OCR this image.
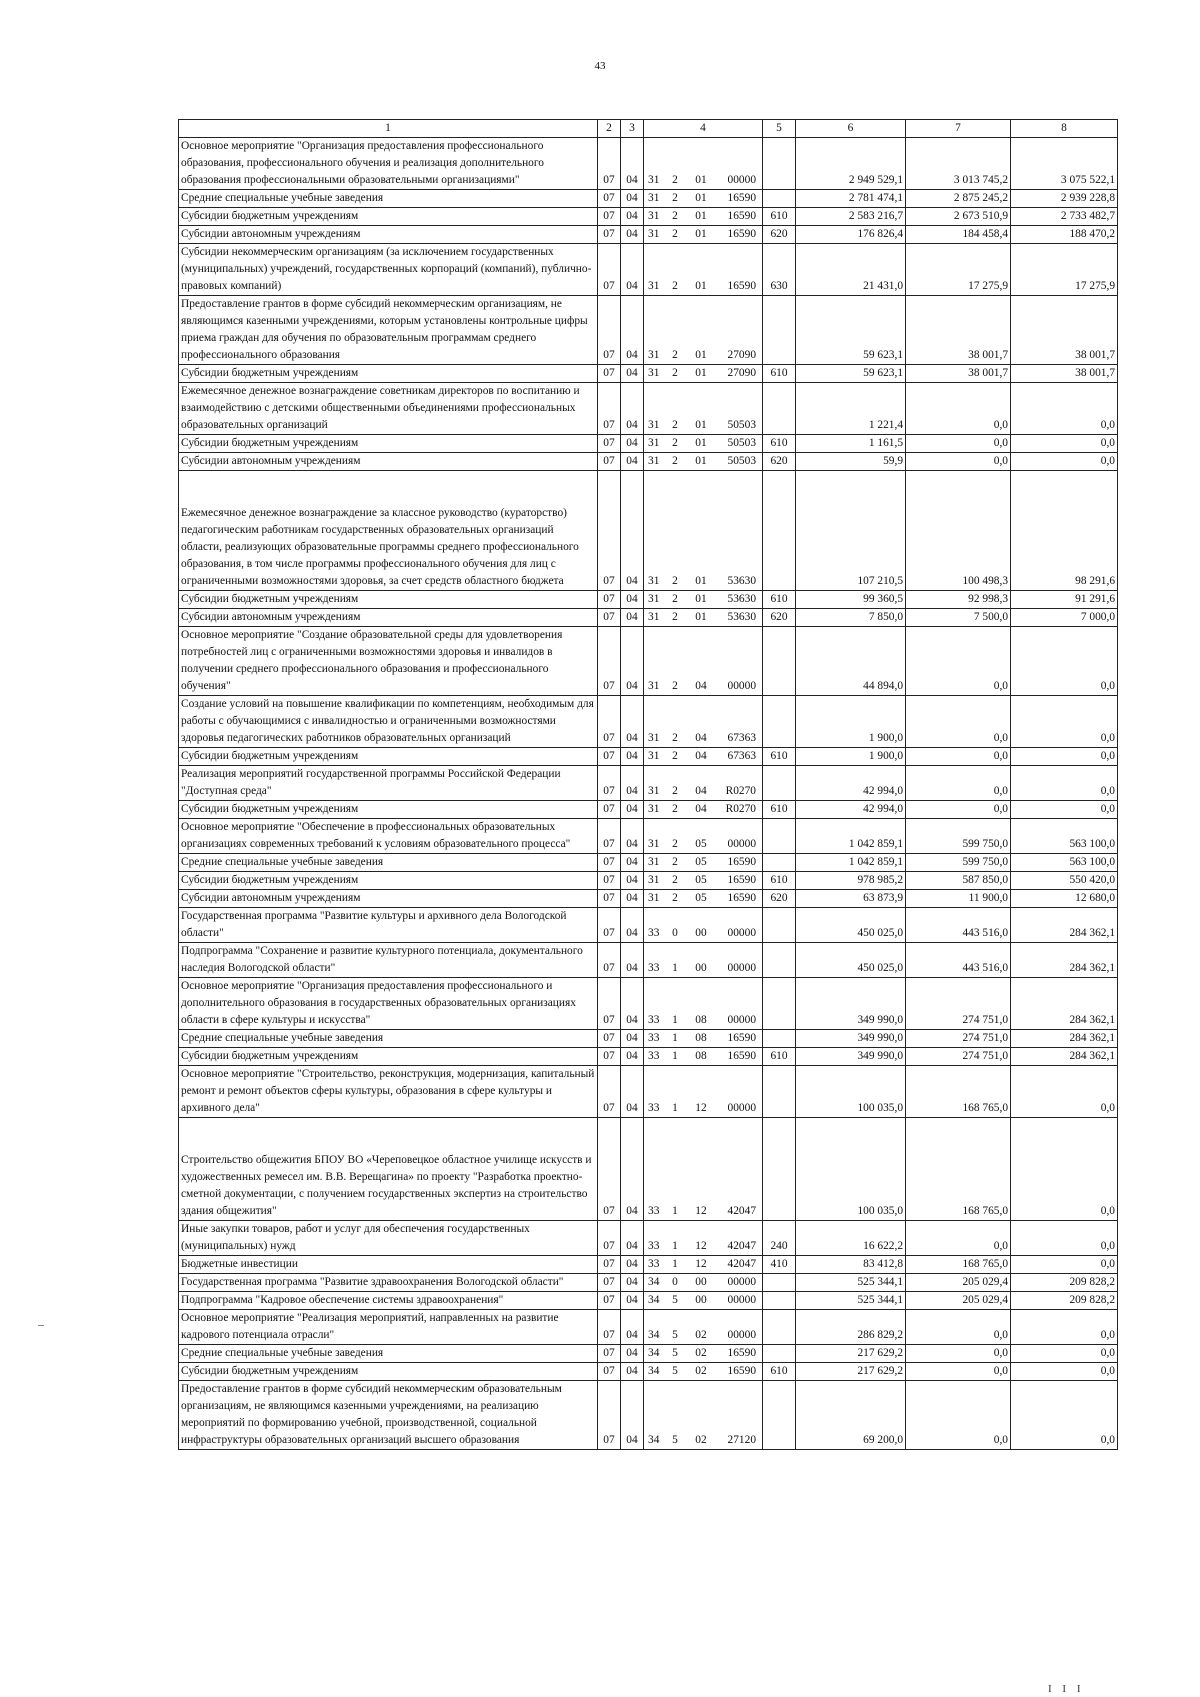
43
1	2	3	4				5	6	7	8
Основное мероприятие "Организация предоставления профессионального образования, профессионального обучения и реализация дополнительного образования профессиональными образовательными организациями"	07	04	31	2	01	00000		2 949 529,1	3 013 745,2	3 075 522,1
Средние специальные учебные заведения	07	04	31	2	01	16590		2 781 474,1	2 875 245,2	2 939 228,8
Субсидии бюджетным учреждениям	07	04	31	2	01	16590	610	2 583 216,7	2 673 510,9	2 733 482,7
Субсидии автономным учреждениям	07	04	31	2	01	16590	620	176 826,4	184 458,4	188 470,2
Субсидии некоммерческим организациям (за исключением государственных (муниципальных) учреждений, государственных корпораций (компаний), публично-правовых компаний)	07	04	31	2	01	16590	630	21 431,0	17 275,9	17 275,9
Предоставление грантов в форме субсидий некоммерческим организациям, не являющимся казенными учреждениями, которым установлены контрольные цифры приема граждан для обучения по образовательным программам среднего профессионального образования	07	04	31	2	01	27090		59 623,1	38 001,7	38 001,7
Субсидии бюджетным учреждениям	07	04	31	2	01	27090	610	59 623,1	38 001,7	38 001,7
Ежемесячное денежное вознаграждение советникам директоров по воспитанию и взаимодействию с детскими общественными объединениями профессиональных образовательных организаций	07	04	31	2	01	50503		1 221,4	0,0	0,0
Субсидии бюджетным учреждениям	07	04	31	2	01	50503	610	1 161,5	0,0	0,0
Субсидии автономным учреждениям	07	04	31	2	01	50503	620	59,9	0,0	0,0

Ежемесячное денежное вознаграждение за классное руководство (кураторство) педагогическим работникам государственных образовательных организаций области, реализующих образовательные программы среднего профессионального образования, в том числе программы профессионального обучения для лиц с ограниченными возможностями здоровья, за счет средств областного бюджета	07	04	31	2	01	53630		107 210,5	100 498,3	98 291,6
Субсидии бюджетным учреждениям	07	04	31	2	01	53630	610	99 360,5	92 998,3	91 291,6
Субсидии автономным учреждениям	07	04	31	2	01	53630	620	7 850,0	7 500,0	7 000,0
Основное мероприятие "Создание образовательной среды для удовлетворения потребностей лиц с ограниченными возможностями здоровья и инвалидов в получении среднего профессионального образования и профессионального обучения"	07	04	31	2	04	00000		44 894,0	0,0	0,0
Создание условий на повышение квалификации по компетенциям, необходимым для работы с обучающимися с инвалидностью и ограниченными возможностями здоровья педагогических работников образовательных организаций	07	04	31	2	04	67363		1 900,0	0,0	0,0
Субсидии бюджетным учреждениям	07	04	31	2	04	67363	610	1 900,0	0,0	0,0
Реализация мероприятий государственной программы Российской Федерации "Доступная среда"	07	04	31	2	04	R0270		42 994,0	0,0	0,0
Субсидии бюджетным учреждениям	07	04	31	2	04	R0270	610	42 994,0	0,0	0,0
Основное мероприятие "Обеспечение в профессиональных образовательных организациях современных требований к условиям образовательного процесса"	07	04	31	2	05	00000		1 042 859,1	599 750,0	563 100,0
Средние специальные учебные заведения	07	04	31	2	05	16590		1 042 859,1	599 750,0	563 100,0
Субсидии бюджетным учреждениям	07	04	31	2	05	16590	610	978 985,2	587 850,0	550 420,0
Субсидии автономным учреждениям	07	04	31	2	05	16590	620	63 873,9	11 900,0	12 680,0
Государственная программа "Развитие культуры и архивного дела Вологодской области"	07	04	33	0	00	00000		450 025,0	443 516,0	284 362,1
Подпрограмма "Сохранение и развитие культурного потенциала, документального наследия Вологодской области"	07	04	33	1	00	00000		450 025,0	443 516,0	284 362,1
Основное мероприятие "Организация предоставления профессионального и дополнительного образования в государственных образовательных организациях области в сфере культуры и искусства"	07	04	33	1	08	00000		349 990,0	274 751,0	284 362,1
Средние специальные учебные заведения	07	04	33	1	08	16590		349 990,0	274 751,0	284 362,1
Субсидии бюджетным учреждениям	07	04	33	1	08	16590	610	349 990,0	274 751,0	284 362,1
Основное мероприятие "Строительство, реконструкция, модернизация, капитальный ремонт и ремонт объектов сферы культуры, образования в сфере культуры и архивного дела"	07	04	33	1	12	00000		100 035,0	168 765,0	0,0

Строительство общежития БПОУ ВО «Череповецкое областное училище искусств и художественных ремесел им. В.В. Верещагина» по проекту "Разработка проектно-сметной документации, с получением государственных экспертиз на строительство здания общежития"	07	04	33	1	12	42047		100 035,0	168 765,0	0,0
Иные закупки товаров, работ и услуг для обеспечения государственных (муниципальных) нужд	07	04	33	1	12	42047	240	16 622,2	0,0	0,0
Бюджетные инвестиции	07	04	33	1	12	42047	410	83 412,8	168 765,0	0,0
Государственная программа "Развитие здравоохранения Вологодской области"	07	04	34	0	00	00000		525 344,1	205 029,4	209 828,2
Подпрограмма "Кадровое обеспечение системы здравоохранения"	07	04	34	5	00	00000		525 344,1	205 029,4	209 828,2
Основное мероприятие "Реализация мероприятий, направленных на развитие кадрового потенциала отрасли"	07	04	34	5	02	00000		286 829,2	0,0	0,0
Средние специальные учебные заведения	07	04	34	5	02	16590		217 629,2	0,0	0,0
Субсидии бюджетным учреждениям	07	04	34	5	02	16590	610	217 629,2	0,0	0,0
Предоставление грантов в форме субсидий некоммерческим образовательным организациям, не являющимся казенными учреждениями, на реализацию мероприятий по формированию учебной, производственной, социальной инфраструктуры образовательных организаций высшего образования	07	04	34	5	02	27120		69 200,0	0,0	0,0
I I I
